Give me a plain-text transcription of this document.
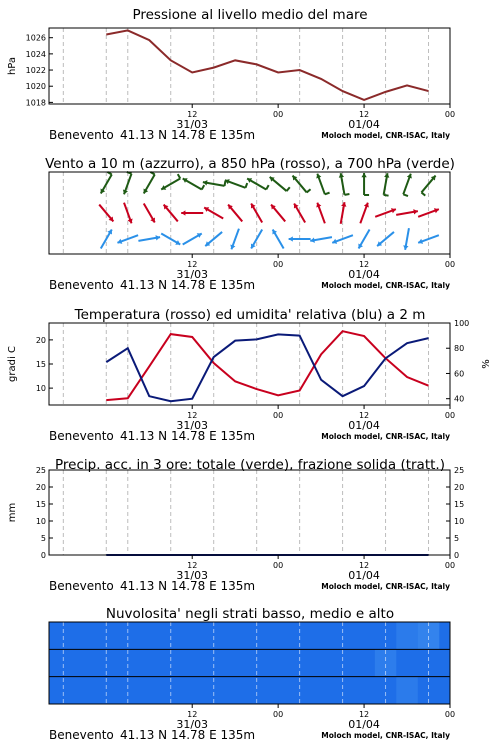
1018
1020
1022
1024
1026
hPa
Pressione al livello medio del mare
12	00	12	00
31/03	01/04
Benevento 41.13 N 14.78 E 135m	Moloch model, CNR-ISAC, Italy
Vento a 10 m (azzurro), a 850 hPa (rosso), a 700 hPa (verde)
12	00	12	00
31/03	01/04
Benevento 41.13 N 14.78 E 135m	Moloch model, CNR-ISAC, Italy
10
15
20
40
60
80
100
gradi C	%
Temperatura (rosso) ed umidita' relativa (blu) a 2 m
12	00	12	00
31/03	01/04
Benevento 41.13 N 14.78 E 135m	Moloch model, CNR-ISAC, Italy
0	0
5	5
10	10
15	15
20	20
25	25
mm
Precip. acc. in 3 ore: totale (verde), frazione solida (tratt.)
12	00	12	00
31/03	01/04
Benevento 41.13 N 14.78 E 135m	Moloch model, CNR-ISAC, Italy
Nuvolosita' negli strati basso, medio e alto
12	00	12	00
31/03	01/04
Benevento 41.13 N 14.78 E 135m	Moloch model, CNR-ISAC, Italy
